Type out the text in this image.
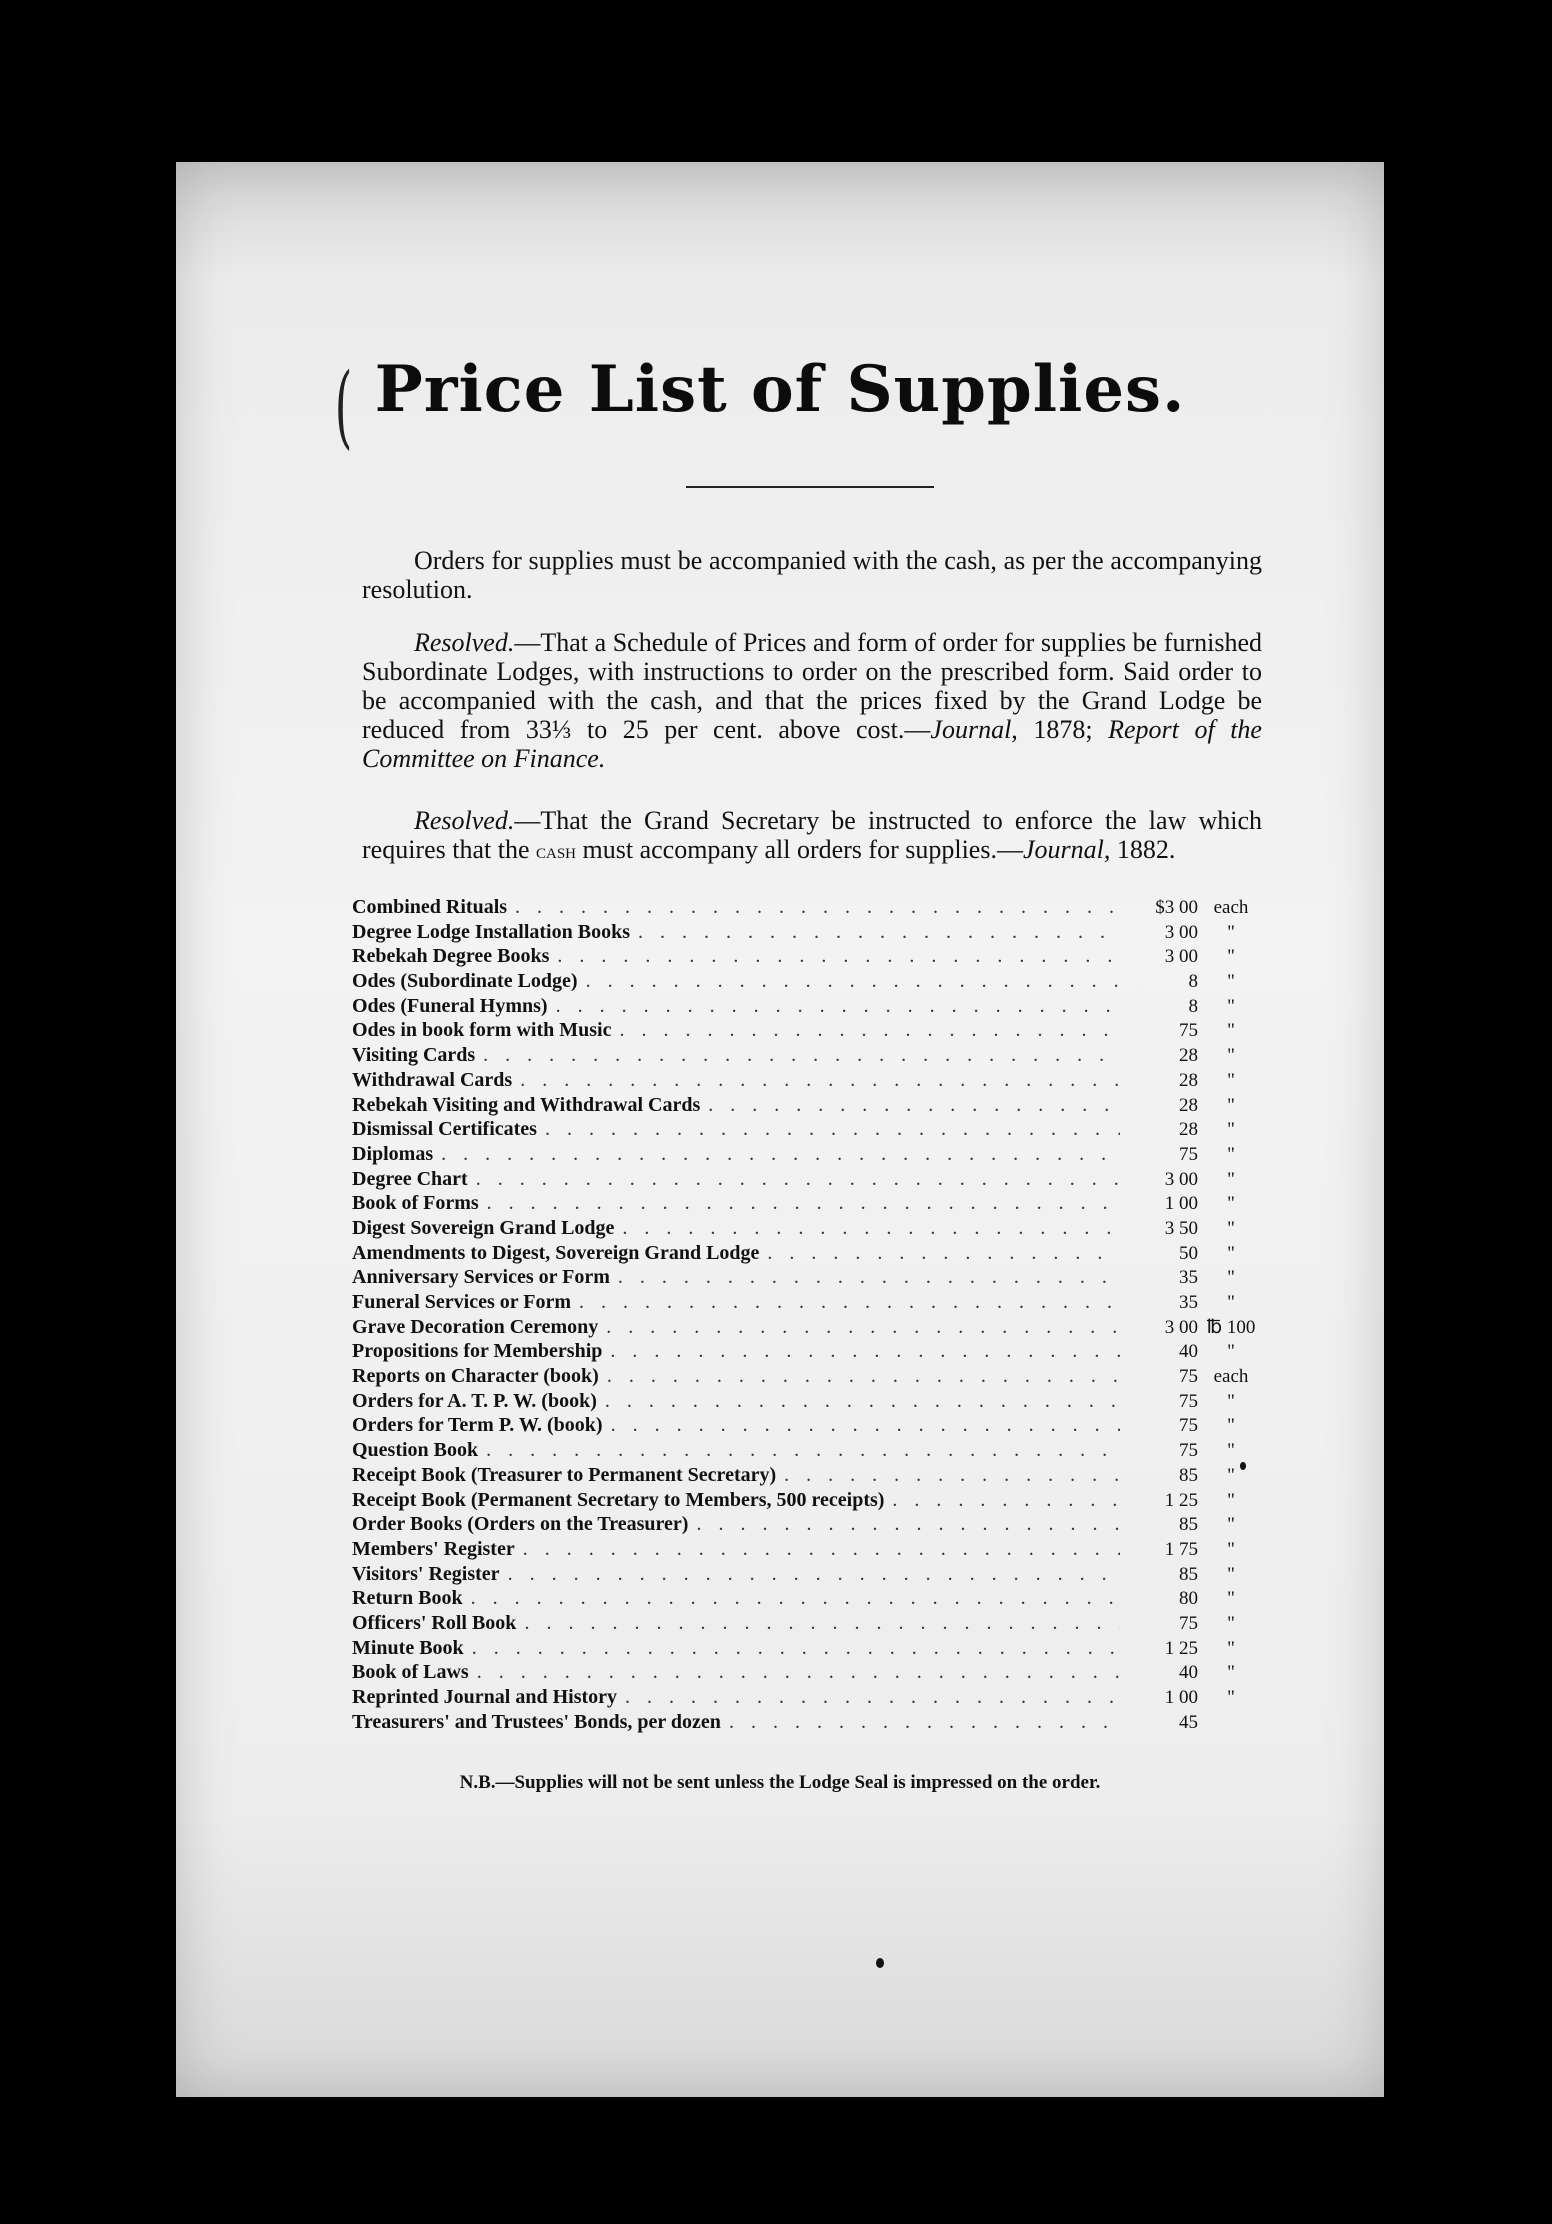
( Price List of Supplies.
Orders for supplies must be accompanied with the cash, as per the accompanying resolution.
Resolved.—That a Schedule of Prices and form of order for supplies be furnished Subordinate Lodges, with instructions to order on the prescribed form. Said order to be accompanied with the cash, and that the prices fixed by the Grand Lodge be reduced from 33⅓ to 25 per cent. above cost.—Journal, 1878; Report of the Committee on Finance.
Resolved.—That the Grand Secretary be instructed to enforce the law which requires that the cash must accompany all orders for supplies.—Journal, 1882.
Combined Rituals . . .	$3 00 each
Degree Lodge Installation Books . . .	3 00	"
Rebekah Degree Books . . .	3 00	"
Odes (Subordinate Lodge) . . .	8	"
Odes (Funeral Hymns) . . .	8	"
Odes in book form with Music . . .	75	"
Visiting Cards . . .	28	"
Withdrawal Cards . . .	28	"
Rebekah Visiting and Withdrawal Cards . . .	28	"
Dismissal Certificates . . .	28	"
Diplomas . . .	75	"
Degree Chart . . .	3 00	"
Book of Forms . . .	1 00	"
Digest Sovereign Grand Lodge . . .	3 50	"
Amendments to Digest, Sovereign Grand Lodge . . .	50	"
Anniversary Services or Form . . .	35	"
Funeral Services or Form . . .	35	"
Grave Decoration Ceremony . . .	3 00 ℔ 100
Propositions for Membership . . .	40	"
Reports on Character (book) . . .	75 each
Orders for A. T. P. W. (book) . . .	75	"
Orders for Term P. W. (book) . . .	75	"
Question Book . . .	75	"
Receipt Book (Treasurer to Permanent Secretary) . . .	85	"
Receipt Book (Permanent Secretary to Members, 500 receipts) . . .	1 25	"
Order Books (Orders on the Treasurer) . . .	85	"
Members' Register . . .	1 75	"
Visitors' Register . . .	85	"
Return Book . . .	80	"
Officers' Roll Book . . .	75	"
Minute Book . . .	1 25	"
Book of Laws . . .	40	"
Reprinted Journal and History . . .	1 00	"
Treasurers' and Trustees' Bonds, per dozen . . .	45
N.B.—Supplies will not be sent unless the Lodge Seal is impressed on the order.
